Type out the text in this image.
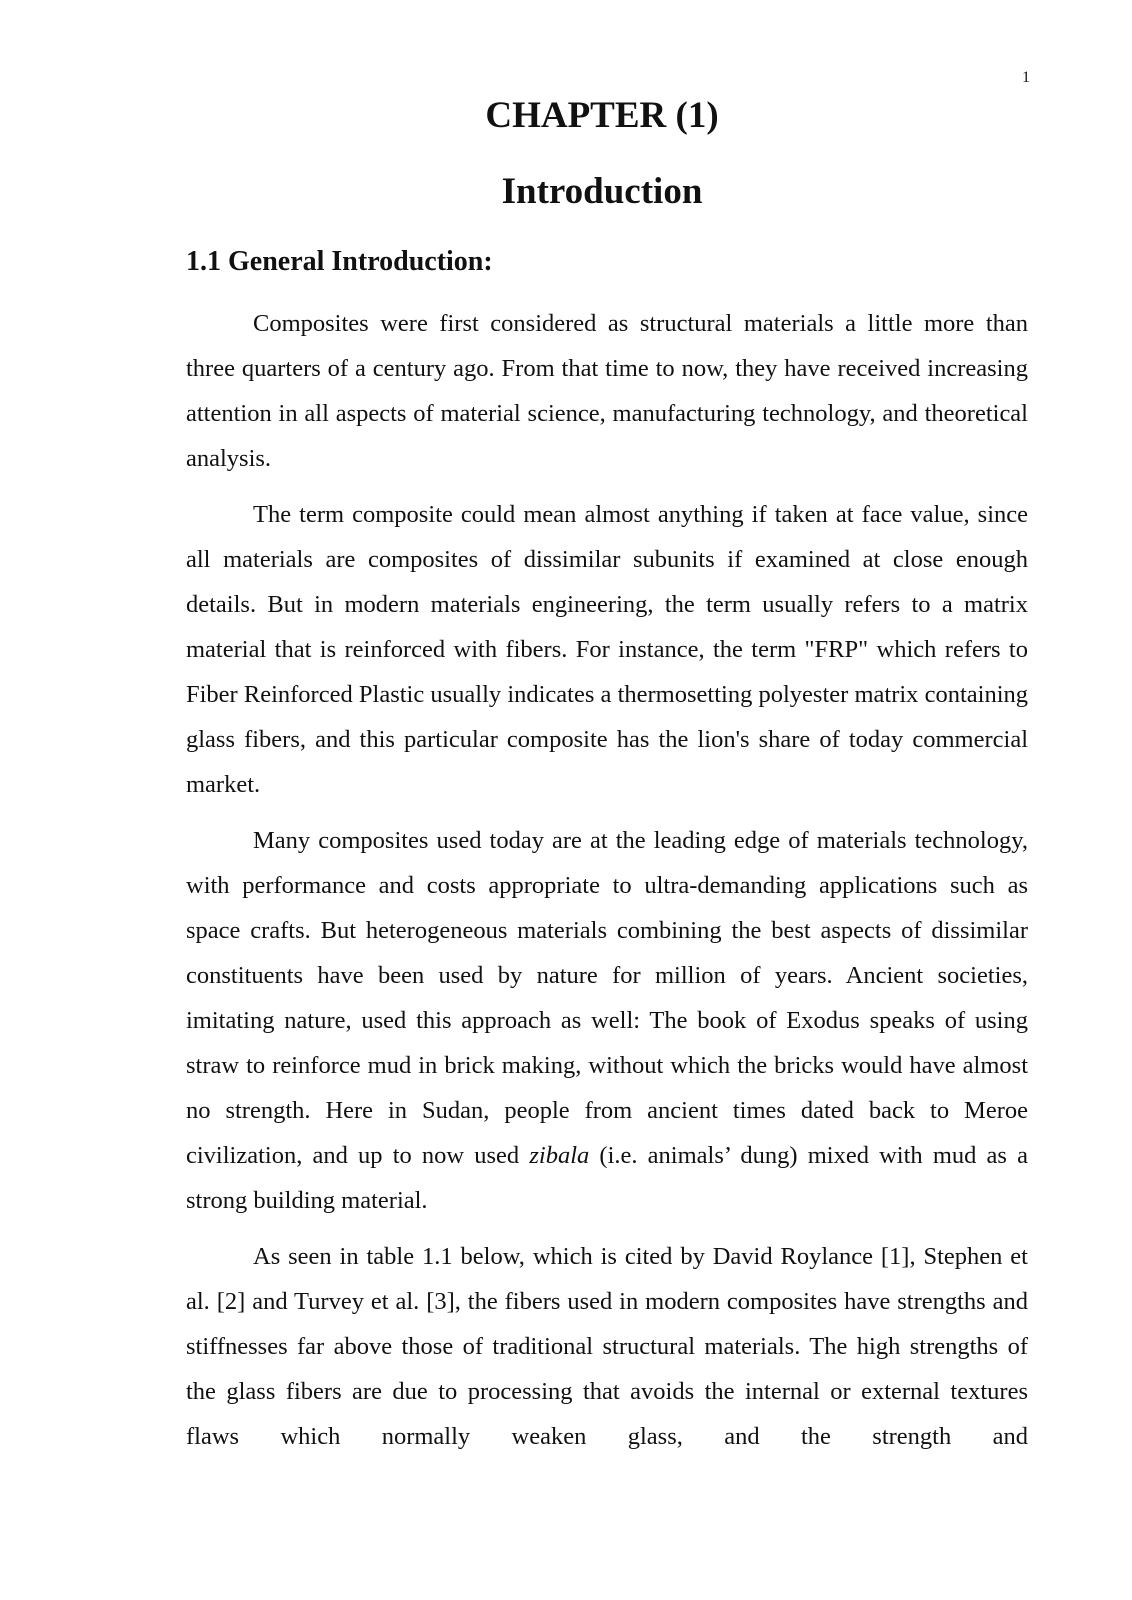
1
CHAPTER (1)
Introduction
1.1 General Introduction:

Composites were first considered as structural materials a little more than three quarters of a century ago. From that time to now, they have received increasing attention in all aspects of material science, manufacturing technology, and theoretical analysis.

The term composite could mean almost anything if taken at face value, since all materials are composites of dissimilar subunits if examined at close enough details. But in modern materials engineering, the term usually refers to a matrix material that is reinforced with fibers. For instance, the term "FRP" which refers to Fiber Reinforced Plastic usually indicates a thermosetting polyester matrix containing glass fibers, and this particular composite has the lion's share of today commercial market.

Many composites used today are at the leading edge of materials technology, with performance and costs appropriate to ultra-demanding applications such as space crafts. But heterogeneous materials combining the best aspects of dissimilar constituents have been used by nature for million of years. Ancient societies, imitating nature, used this approach as well: The book of Exodus speaks of using straw to reinforce mud in brick making, without which the bricks would have almost no strength. Here in Sudan, people from ancient times dated back to Meroe civilization, and up to now used zibala (i.e. animals’ dung) mixed with mud as a strong building material.

As seen in table 1.1 below, which is cited by David Roylance [1], Stephen et al. [2] and Turvey et al. [3], the fibers used in modern composites have strengths and stiffnesses far above those of traditional structural materials. The high strengths of the glass fibers are due to processing that avoids the internal or external textures flaws which normally weaken glass, and the strength and
